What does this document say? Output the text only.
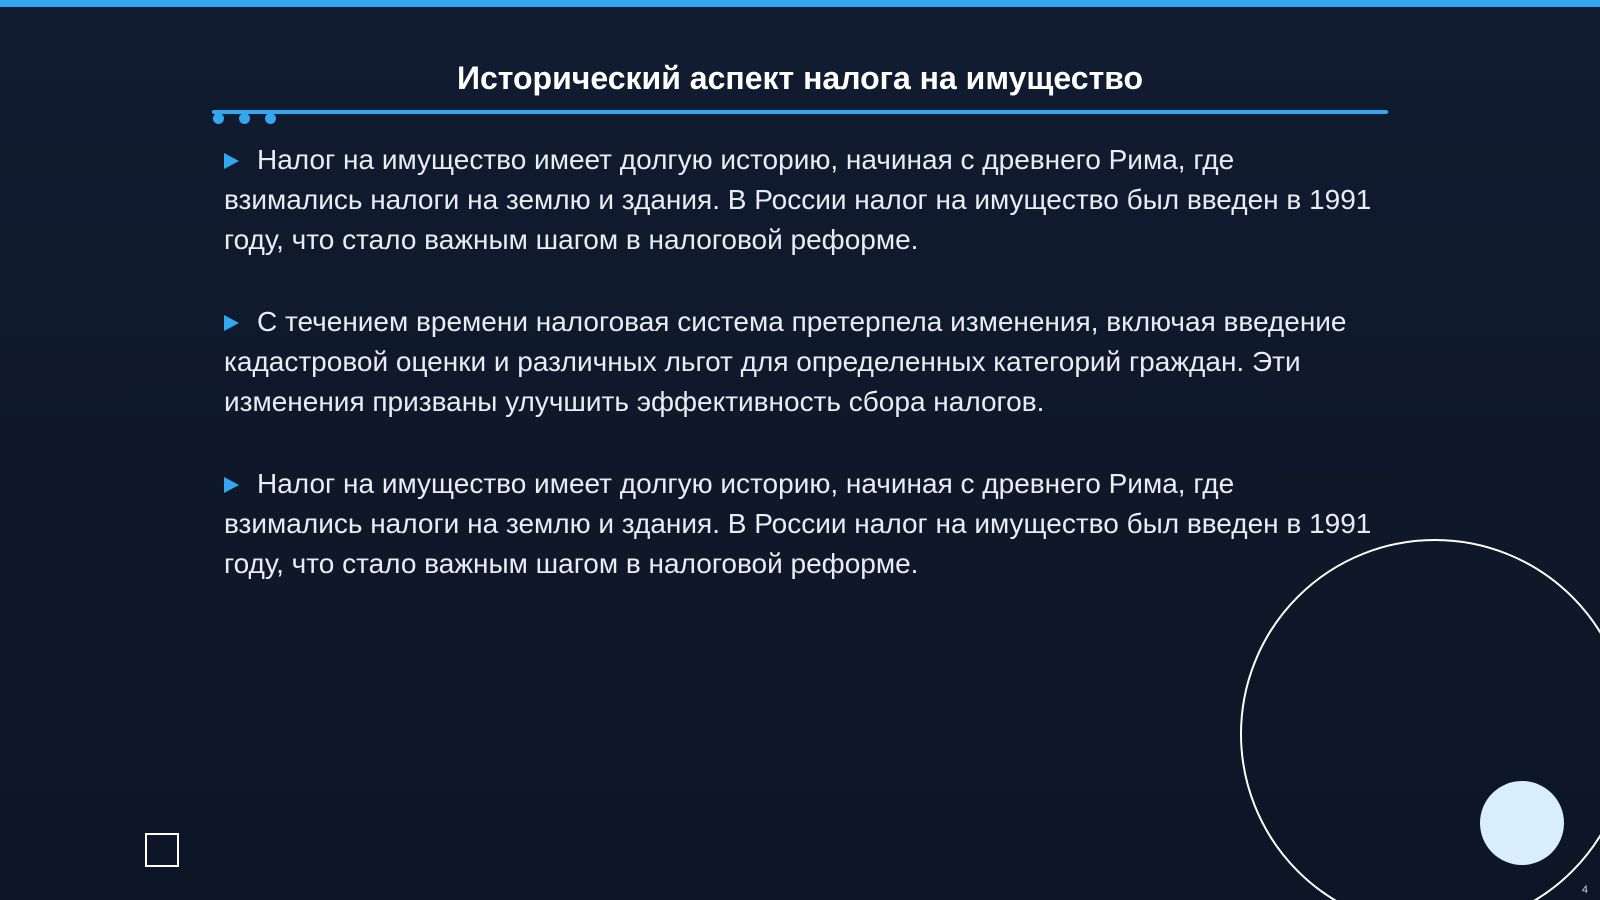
Исторический аспект налога на имущество
Налог на имущество имеет долгую историю, начиная с древнего Рима, где взимались налоги на землю и здания. В России налог на имущество был введен в 1991 году, что стало важным шагом в налоговой реформе.
С течением времени налоговая система претерпела изменения, включая введение кадастровой оценки и различных льгот для определенных категорий граждан. Эти изменения призваны улучшить эффективность сбора налогов.
Налог на имущество имеет долгую историю, начиная с древнего Рима, где взимались налоги на землю и здания. В России налог на имущество был введен в 1991 году, что стало важным шагом в налоговой реформе.
4
